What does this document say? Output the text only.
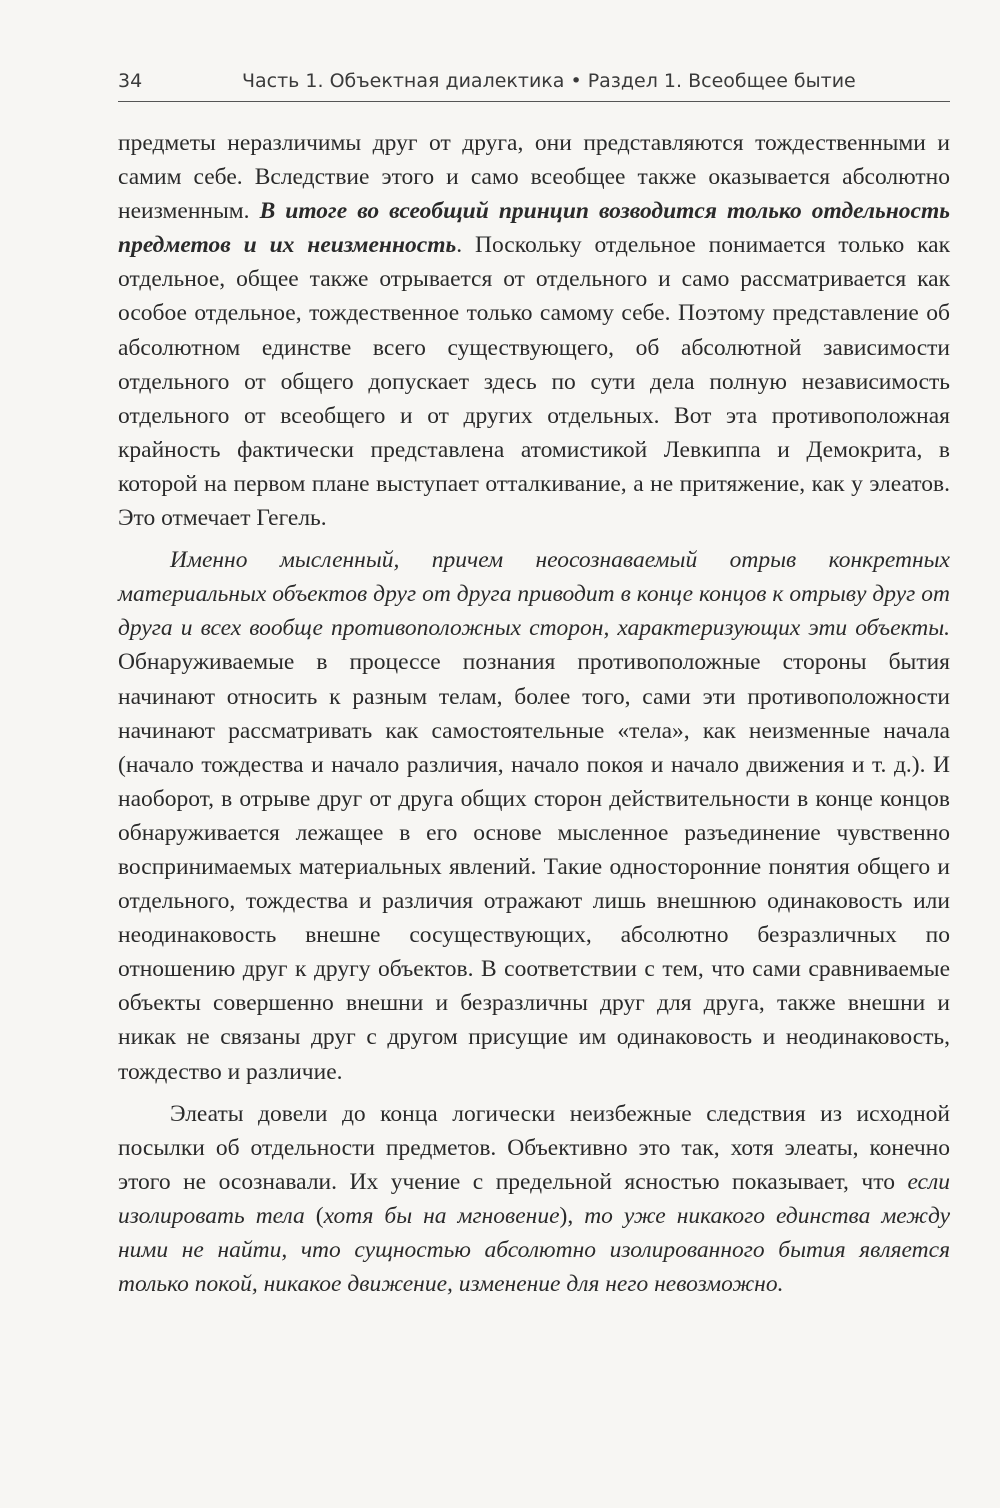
34	Часть 1. Объектная диалектика • Раздел 1. Всеобщее бытие

предметы неразличимы друг от друга, они представляются тождественными и самим себе. Вследствие этого и само всеобщее также оказывается абсолютно неизменным. В итоге во всеобщий принцип возводится только отдельность предметов и их неизменность. Поскольку отдельное понимается только как отдельное, общее также отрывается от отдельного и само рассматривается как особое отдельное, тождественное только самому себе. Поэтому представление об абсолютном единстве всего существующего, об абсолютной зависимости отдельного от общего допускает здесь по сути дела полную независимость отдельного от всеобщего и от других отдельных. Вот эта противоположная крайность фактически представлена атомистикой Левкиппа и Демокрита, в которой на первом плане выступает отталкивание, а не притяжение, как у элеатов. Это отмечает Гегель.

Именно мысленный, причем неосознаваемый отрыв конкретных материальных объектов друг от друга приводит в конце концов к отрыву друг от друга и всех вообще противоположных сторон, характеризующих эти объекты. Обнаруживаемые в процессе познания противоположные стороны бытия начинают относить к разным телам, более того, сами эти противоположности начинают рассматривать как самостоятельные «тела», как неизменные начала (начало тождества и начало различия, начало покоя и начало движения и т. д.). И наоборот, в отрыве друг от друга общих сторон действительности в конце концов обнаруживается лежащее в его основе мысленное разъединение чувственно воспринимаемых материальных явлений. Такие односторонние понятия общего и отдельного, тождества и различия отражают лишь внешнюю одинаковость или неодинаковость внешне сосуществующих, абсолютно безразличных по отношению друг к другу объектов. В соответствии с тем, что сами сравниваемые объекты совершенно внешни и безразличны друг для друга, также внешни и никак не связаны друг с другом присущие им одинаковость и неодинаковость, тождество и различие.

Элеаты довели до конца логически неизбежные следствия из исходной посылки об отдельности предметов. Объективно это так, хотя элеаты, конечно этого не осознавали. Их учение с предельной ясностью показывает, что если изолировать тела (хотя бы на мгновение), то уже никакого единства между ними не найти, что сущностью абсолютно изолированного бытия является только покой, никакое движение, изменение для него невозможно.
